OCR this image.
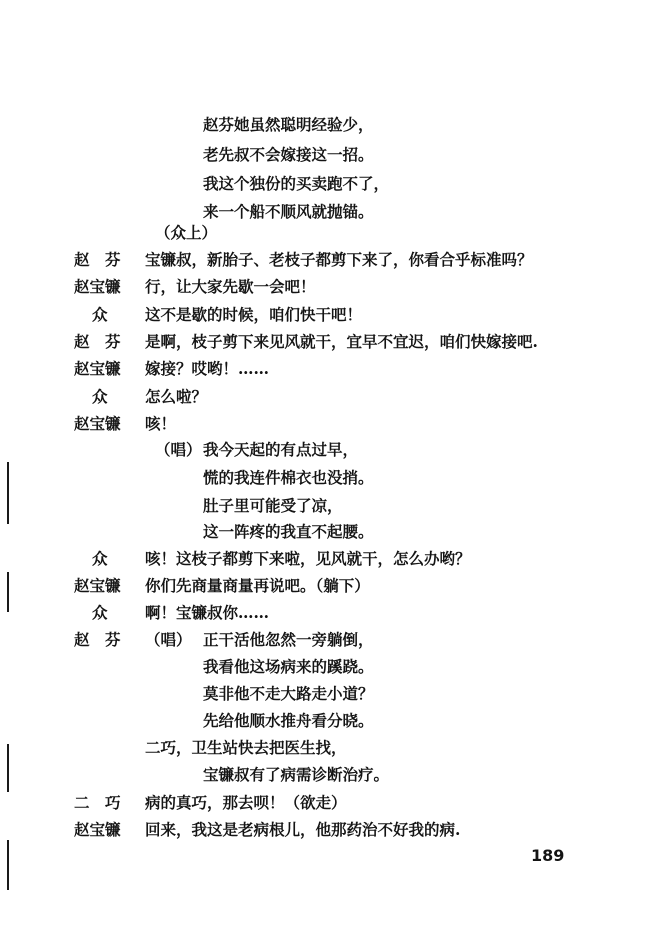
赵芬她虽然聪明经验少，
老先叔不会嫁接这一招。
我这个独份的买卖跑不了，
来一个船不顺风就抛锚。
（众上）
赵　芬 宝镰叔，新胎子、老枝子都剪下来了，你看合乎标准吗？
赵宝镰 行，让大家先歇一会吧！
众 这不是歇的时候，咱们快干吧！
赵　芬 是啊，枝子剪下来见风就干，宜早不宜迟，咱们快嫁接吧.
赵宝镰 嫁接？哎哟！……
众 怎么啦？
赵宝镰 咳！
（唱） 我今天起的有点过早，
慌的我连件棉衣也没捎。
肚子里可能受了凉，
这一阵疼的我直不起腰。
众 咳！这枝子都剪下来啦，见风就干，怎么办哟？
赵宝镰 你们先商量商量再说吧。（躺下）
众 啊！宝镰叔你……
赵　芬 （唱） 正干活他忽然一旁躺倒，
我看他这场病来的蹊跷。
莫非他不走大路走小道？
先给他顺水推舟看分晓。
二巧，卫生站快去把医生找，
宝镰叔有了病需诊断治疗。
二　巧 病的真巧，那去呗！（欲走）
赵宝镰 回来，我这是老病根儿，他那药治不好我的病.
189
